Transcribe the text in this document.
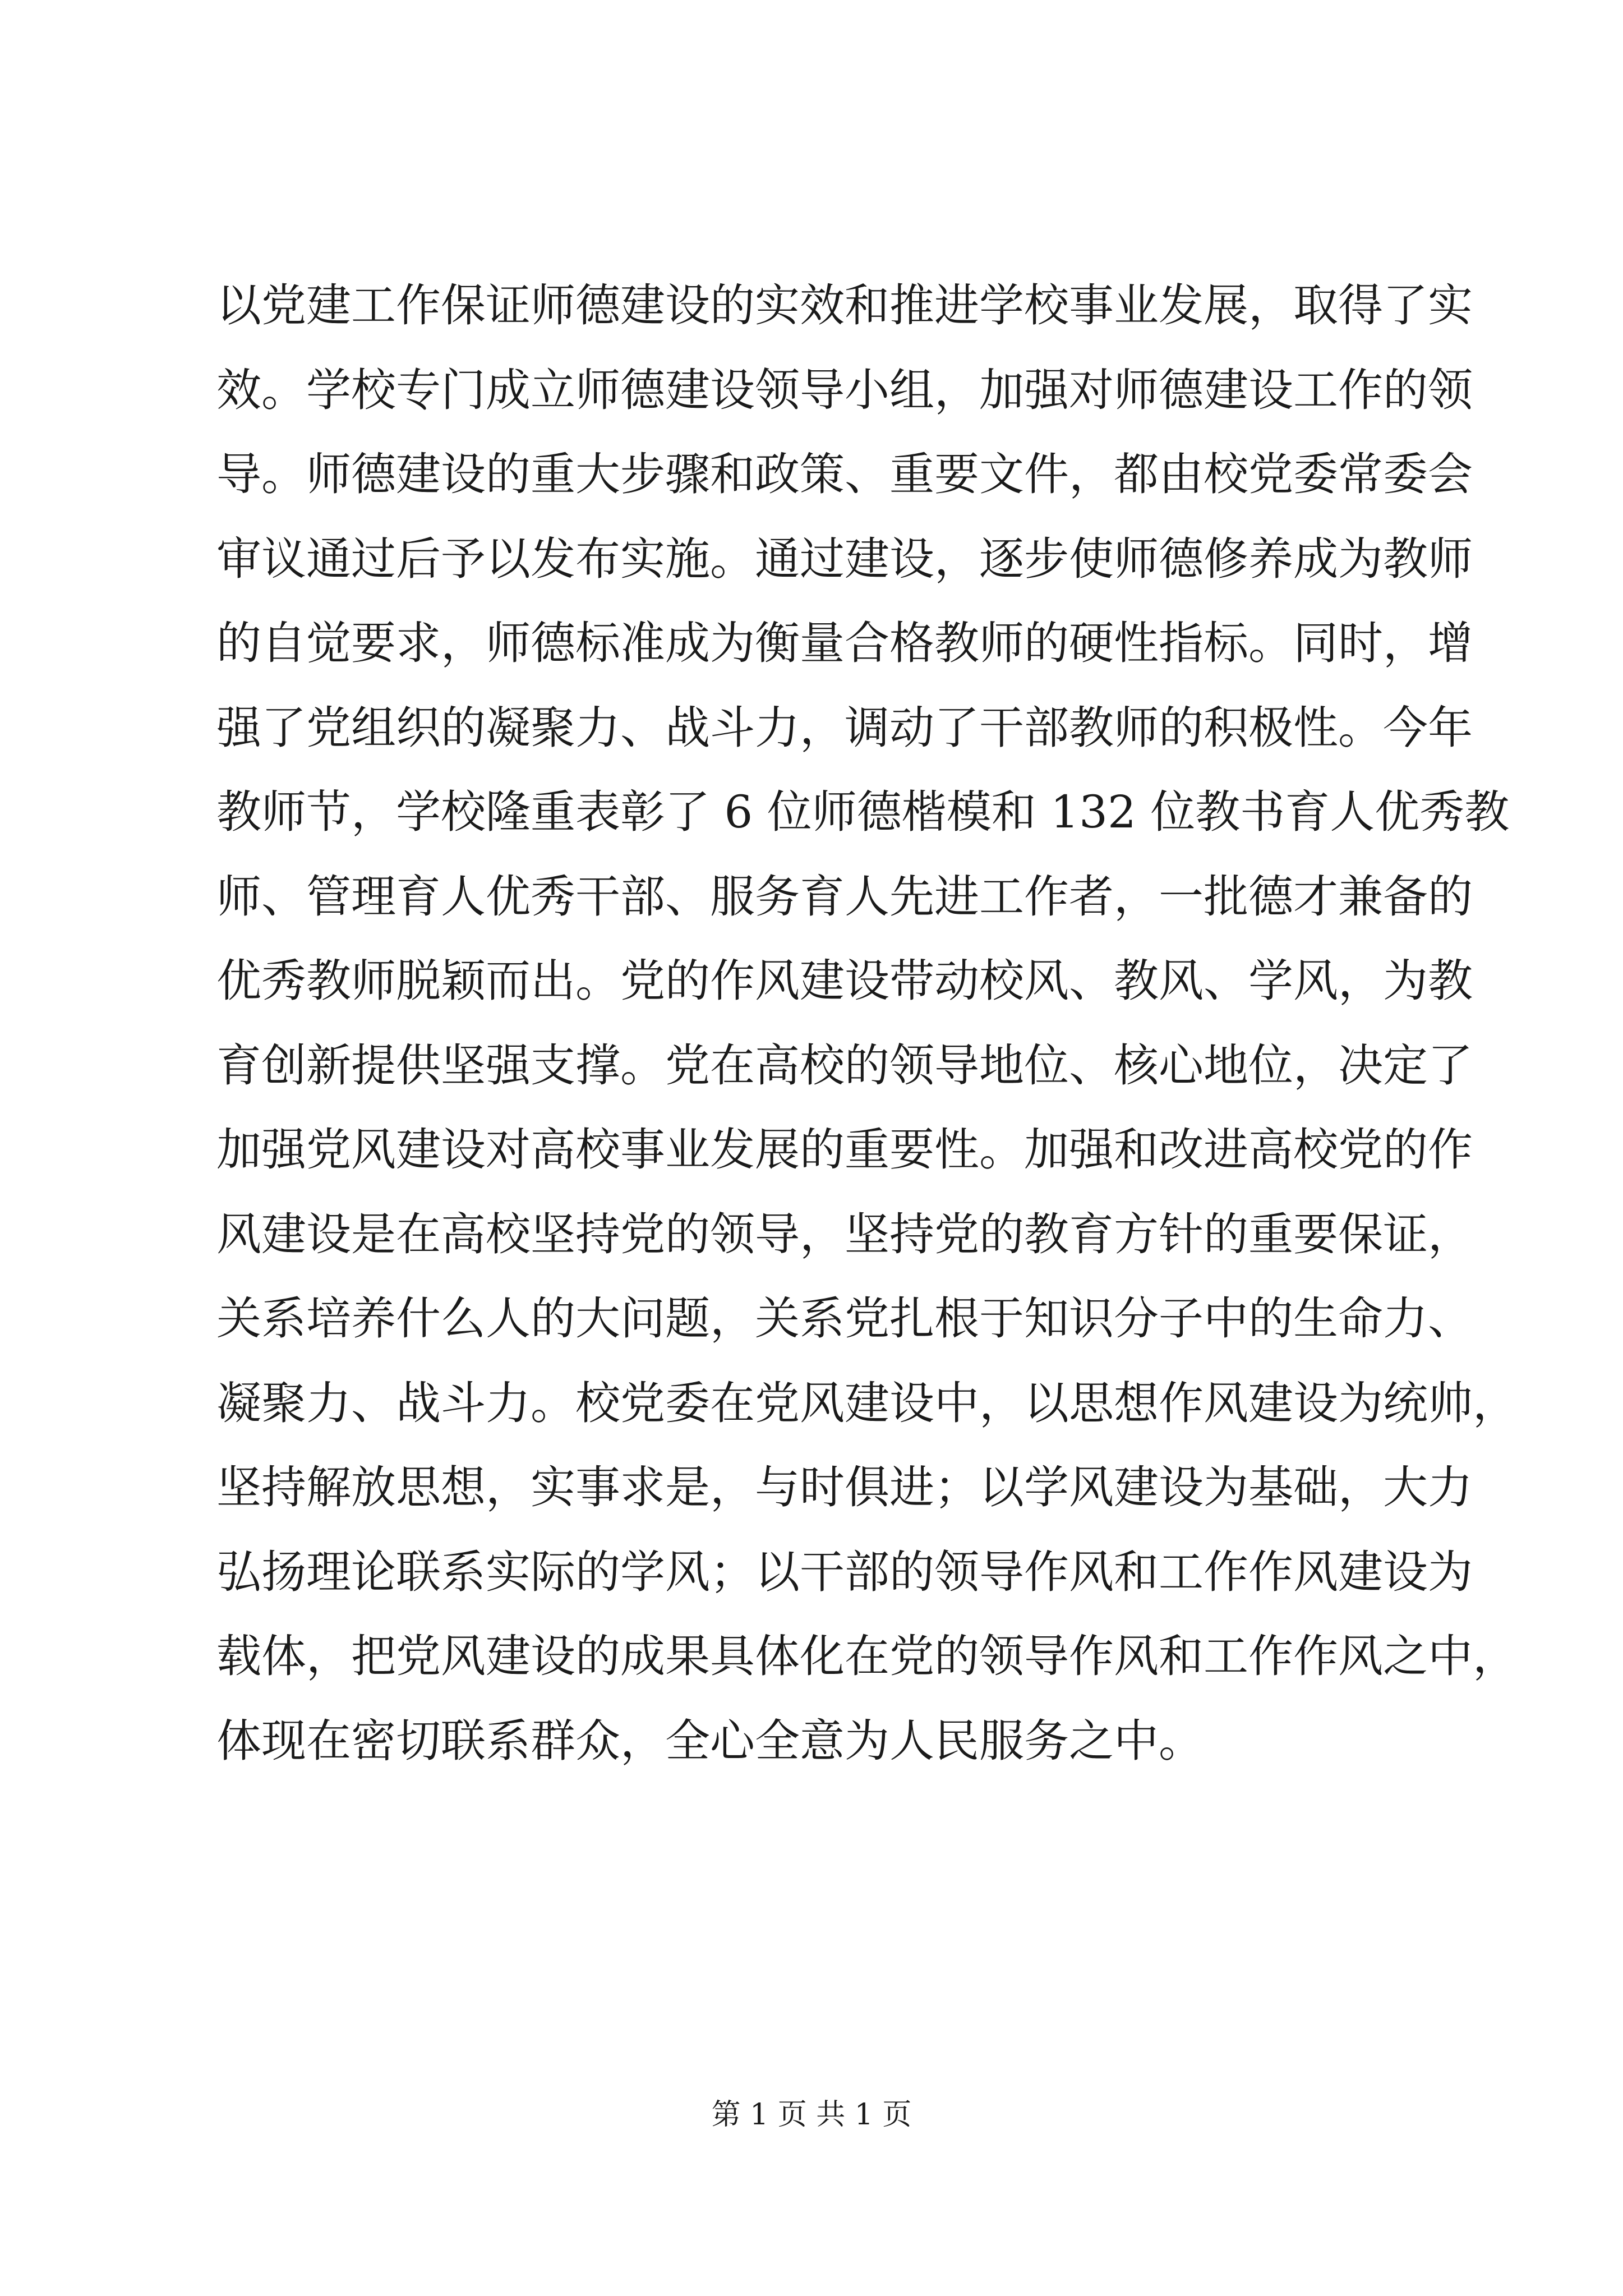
以党建工作保证师德建设的实效和推进学校事业发展，取得了实
效。学校专门成立师德建设领导小组，加强对师德建设工作的领
导。师德建设的重大步骤和政策、重要文件，都由校党委常委会
审议通过后予以发布实施。通过建设，逐步使师德修养成为教师
的自觉要求，师德标准成为衡量合格教师的硬性指标。同时，增
强了党组织的凝聚力、战斗力，调动了干部教师的积极性。今年
教师节，学校隆重表彰了 6 位师德楷模和 132 位教书育人优秀教
师、管理育人优秀干部、服务育人先进工作者，一批德才兼备的
优秀教师脱颖而出。党的作风建设带动校风、教风、学风，为教
育创新提供坚强支撑。党在高校的领导地位、核心地位，决定了
加强党风建设对高校事业发展的重要性。加强和改进高校党的作
风建设是在高校坚持党的领导，坚持党的教育方针的重要保证，
关系培养什么人的大问题，关系党扎根于知识分子中的生命力、
凝聚力、战斗力。校党委在党风建设中，以思想作风建设为统帅，
坚持解放思想，实事求是，与时俱进；以学风建设为基础，大力
弘扬理论联系实际的学风；以干部的领导作风和工作作风建设为
载体，把党风建设的成果具体化在党的领导作风和工作作风之中，
体现在密切联系群众，全心全意为人民服务之中。
第 1 页 共 1 页
